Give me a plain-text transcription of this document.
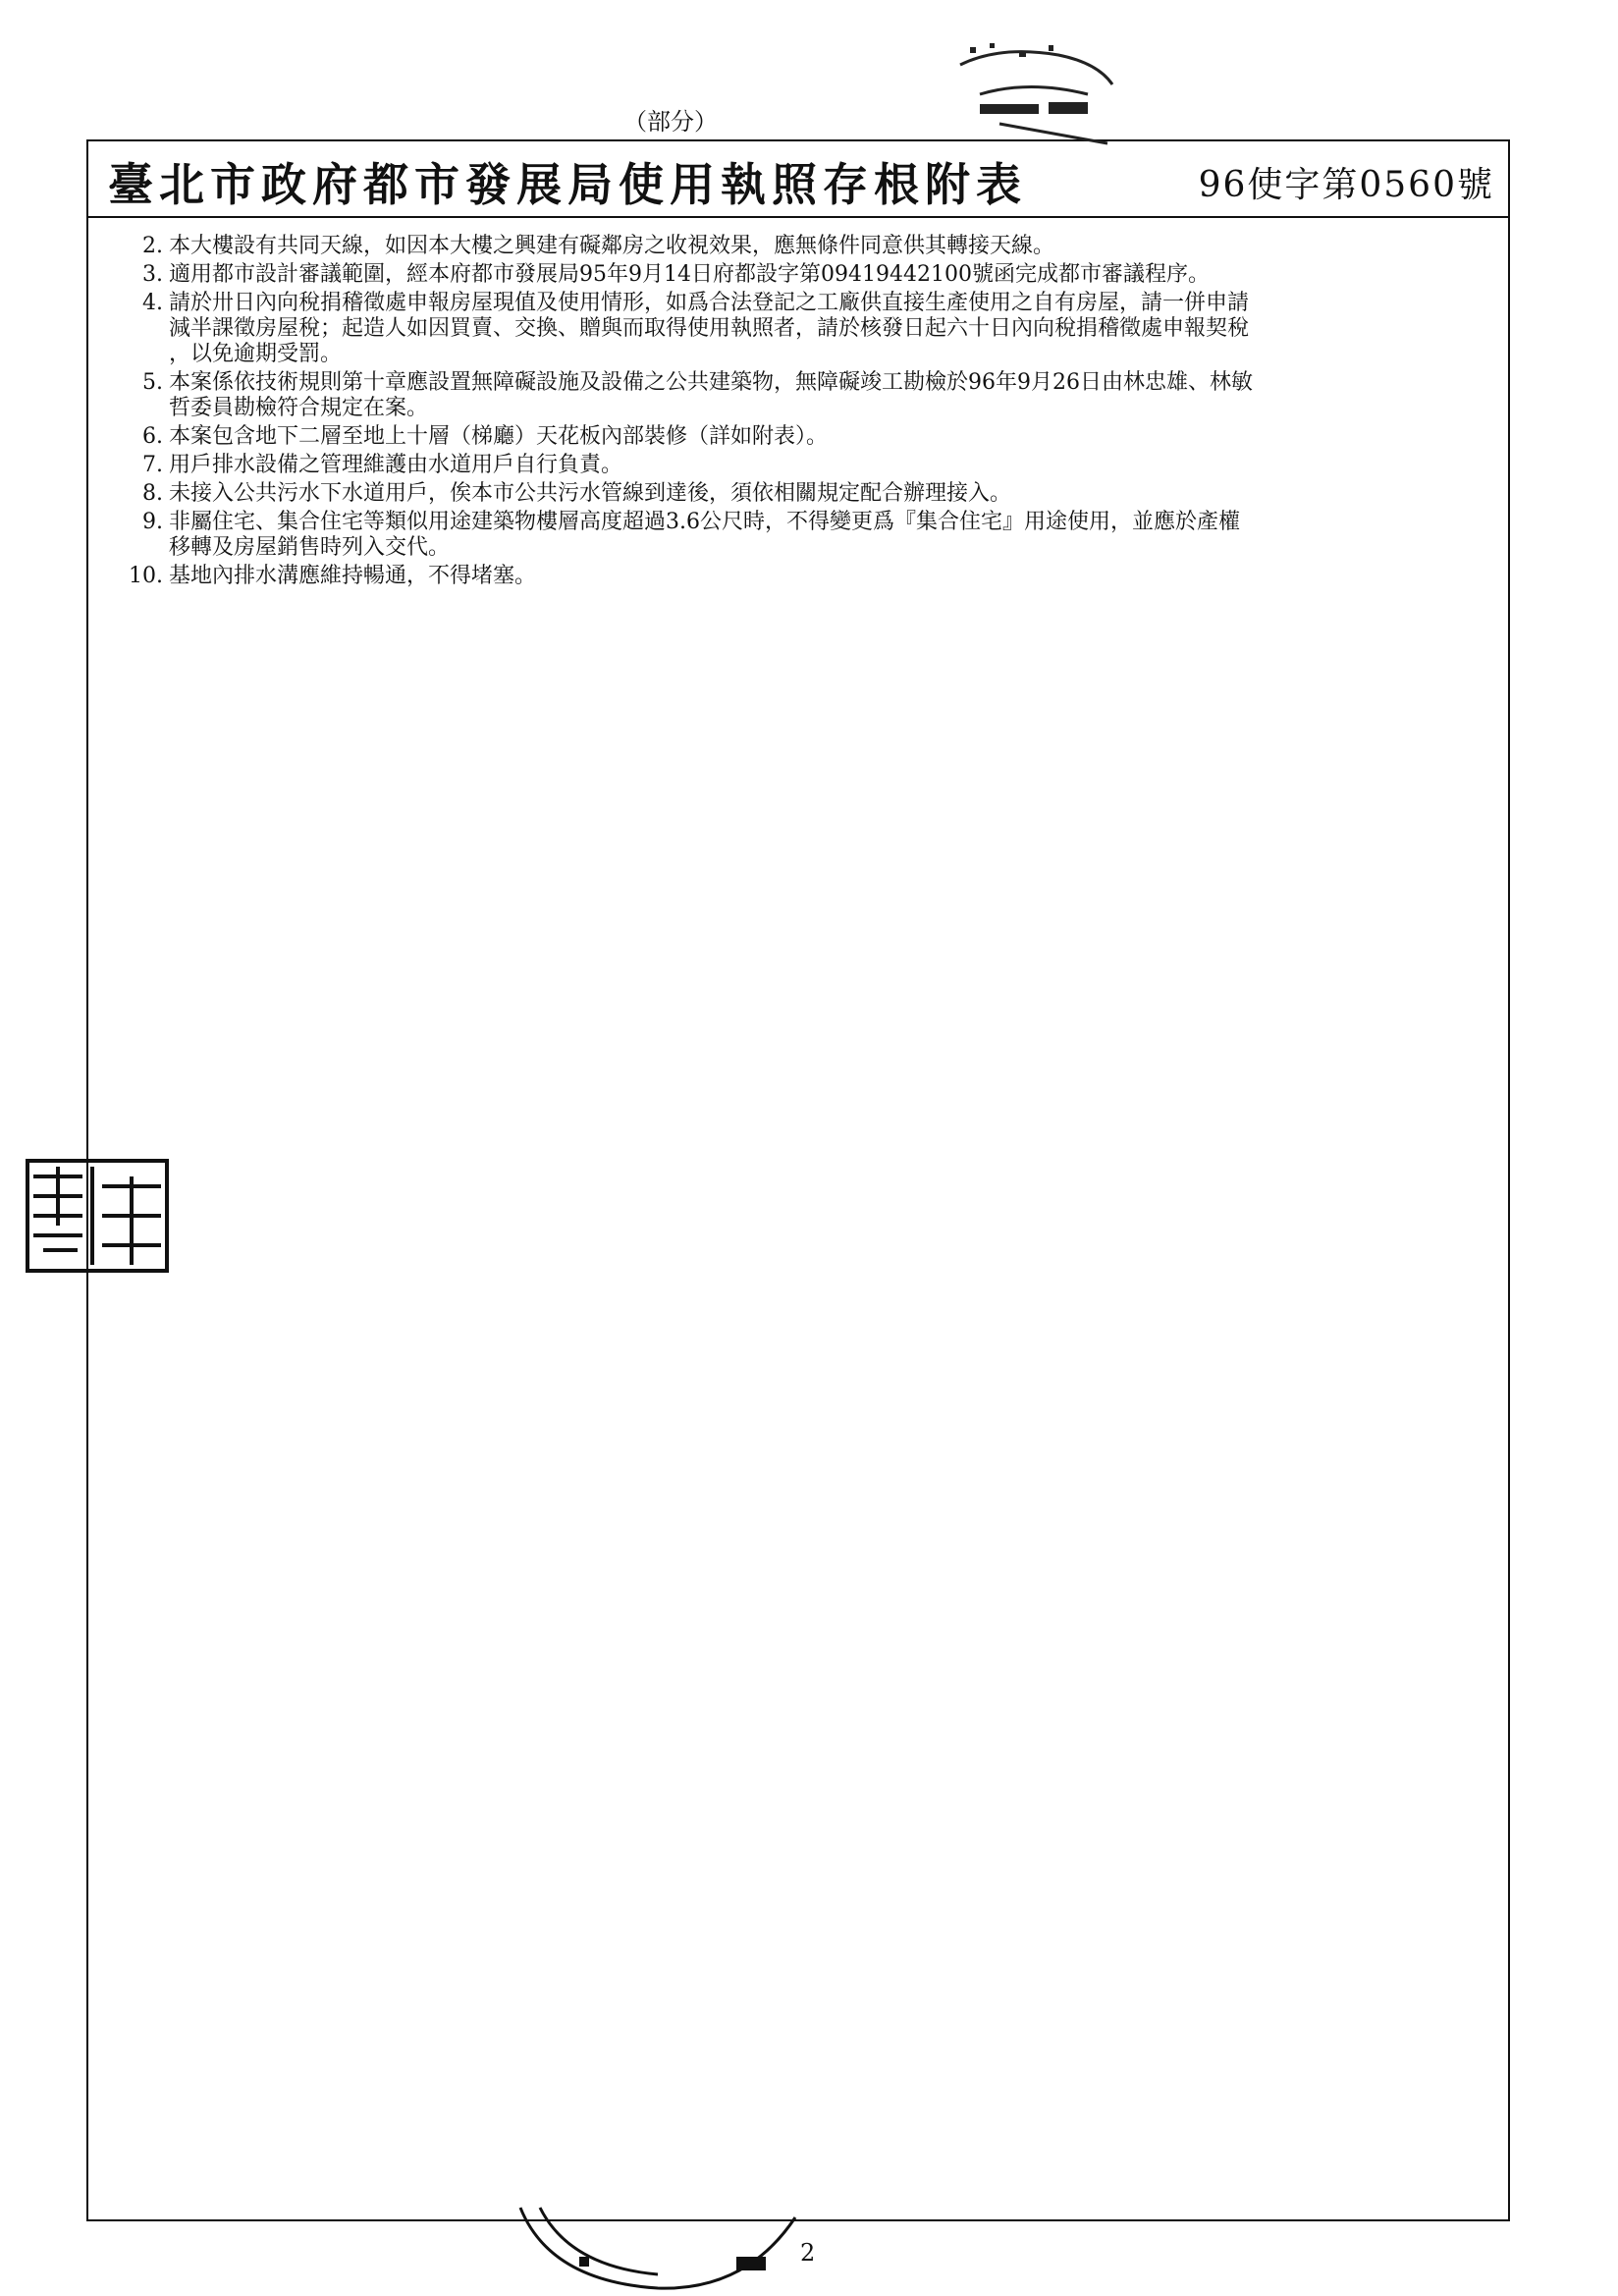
（部分）
臺北市政府都市發展局使用執照存根附表	96使字第0560號
2. 本大樓設有共同天線，如因本大樓之興建有礙鄰房之收視效果，應無條件同意供其轉接天線。
3. 適用都市設計審議範圍，經本府都市發展局95年9月14日府都設字第09419442100號函完成都市審議程序。
4. 請於卅日內向稅捐稽徵處申報房屋現值及使用情形，如爲合法登記之工廠供直接生產使用之自有房屋，請一併申請
減半課徵房屋稅；起造人如因買賣、交換、贈與而取得使用執照者，請於核發日起六十日內向稅捐稽徵處申報契稅
，以免逾期受罰。
5. 本案係依技術規則第十章應設置無障礙設施及設備之公共建築物，無障礙竣工勘檢於96年9月26日由林忠雄、林敏
哲委員勘檢符合規定在案。
6. 本案包含地下二層至地上十層（梯廳）天花板內部裝修（詳如附表）。
7. 用戶排水設備之管理維護由水道用戶自行負責。
8. 未接入公共污水下水道用戶，俟本市公共污水管線到達後，須依相關規定配合辦理接入。
9. 非屬住宅、集合住宅等類似用途建築物樓層高度超過3.6公尺時，不得變更爲『集合住宅』用途使用，並應於產權
移轉及房屋銷售時列入交代。
10. 基地內排水溝應維持暢通，不得堵塞。
2
